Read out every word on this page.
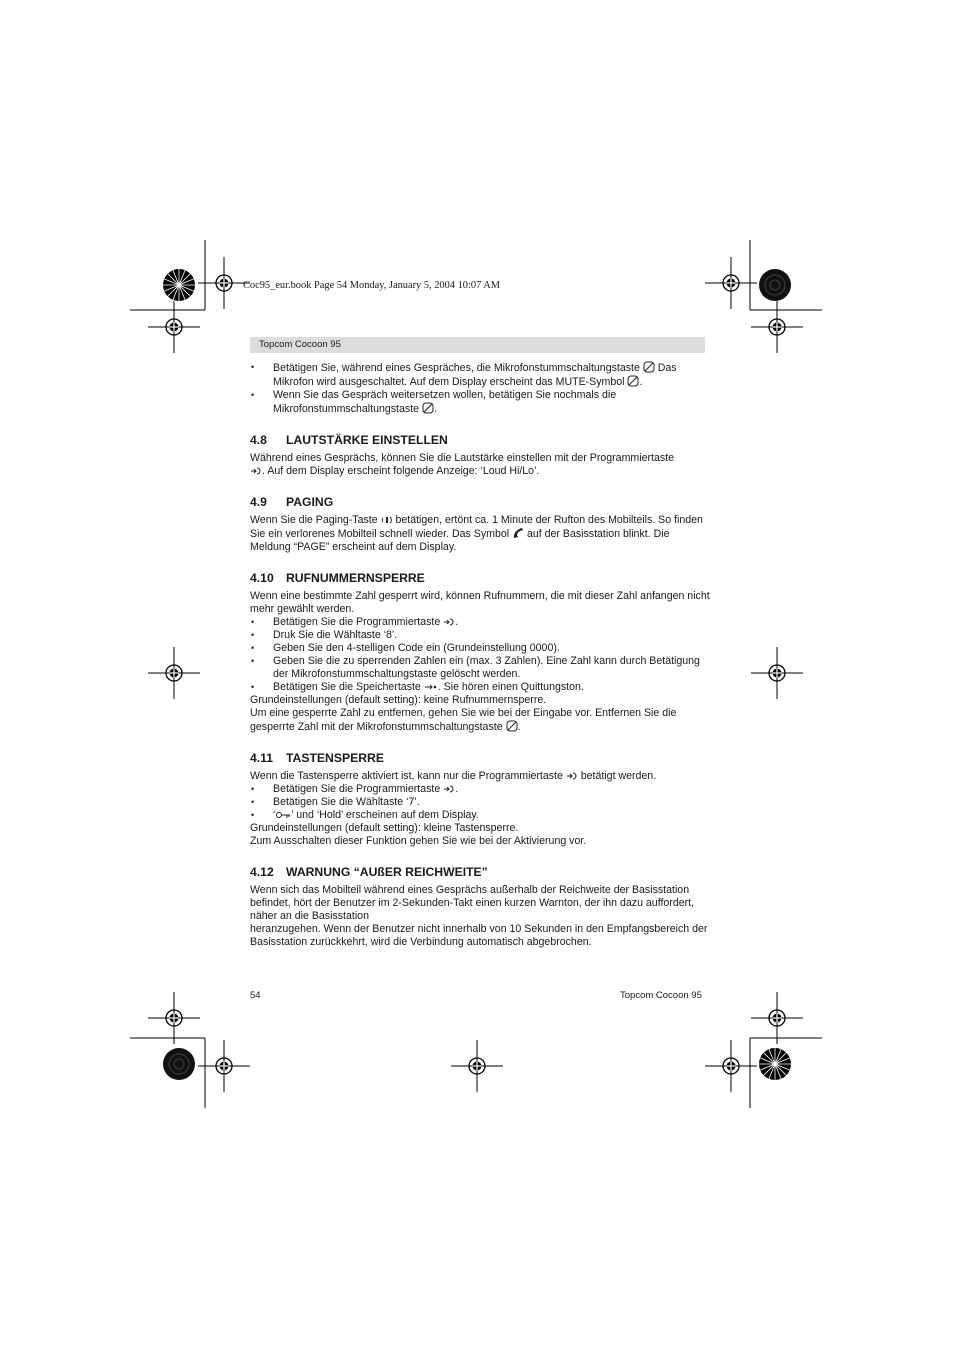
Coc95_eur.book Page 54 Monday, January 5, 2004 10:07 AM
Topcom Cocoon 95

• Betätigen Sie, während eines Gespräches, die Mikrofonstummschaltungstaste  Das Mikrofon wird ausgeschaltet. Auf dem Display erscheint das MUTE-Symbol .

• Wenn Sie das Gespräch weitersetzen wollen, betätigen Sie nochmals die Mikrofonstummschaltungstaste .

4.8 LAUTSTÄRKE EINSTELLEN

Während eines Gesprächs, können Sie die Lautstärke einstellen mit der Programmiertaste
. Auf dem Display erscheint folgende Anzeige: ‘Loud Hi/Lo’.

4.9 PAGING

Wenn Sie die Paging-Taste  betätigen, ertönt ca. 1 Minute der Rufton des Mobilteils. So finden Sie ein verlorenes Mobilteil schnell wieder. Das Symbol  auf der Basisstation blinkt. Die Meldung “PAGE” erscheint auf dem Display.

4.10 RUFNUMMERNSPERRE

Wenn eine bestimmte Zahl gesperrt wird, können Rufnummern, die mit dieser Zahl anfangen nicht mehr gewählt werden.

• Betätigen Sie die Programmiertaste .

• Druk Sie die Wähltaste ‘8’.

• Geben Sie den 4-stelligen Code ein (Grundeinstellung 0000).

• Geben Sie die zu sperrenden Zahlen ein (max. 3 Zahlen). Eine Zahl kann durch Betätigung der Mikrofonstummschaltungstaste gelöscht werden.

• Betätigen Sie die Speichertaste . Sie hören einen Quittungston.

Grundeinstellungen (default setting): keine Rufnummernsperre.

Um eine gesperrte Zahl zu entfernen, gehen Sie wie bei der Eingabe vor. Entfernen Sie die gesperrte Zahl mit der Mikrofonstummschaltungstaste .

4.11 TASTENSPERRE

Wenn die Tastensperre aktiviert ist, kann nur die Programmiertaste  betätigt werden.

• Betätigen Sie die Programmiertaste .

• Betätigen Sie die Wähltaste ‘7’.

• ‘ ’ und ‘Hold’ erscheinen auf dem Display.

Grundeinstellungen (default setting): kleine Tastensperre.

Zum Ausschalten dieser Funktion gehen Sie wie bei der Aktivierung vor.

4.12 WARNUNG “AUßER REICHWEITE”

Wenn sich das Mobilteil während eines Gesprächs außerhalb der Reichweite der Basisstation befindet, hört der Benutzer im 2-Sekunden-Takt einen kurzen Warnton, der ihn dazu auffordert, näher an die Basisstation

heranzugehen. Wenn der Benutzer nicht innerhalb von 10 Sekunden in den Empfangsbereich der Basisstation zurückkehrt, wird die Verbindung automatisch abgebrochen.

54	Topcom Cocoon 95
